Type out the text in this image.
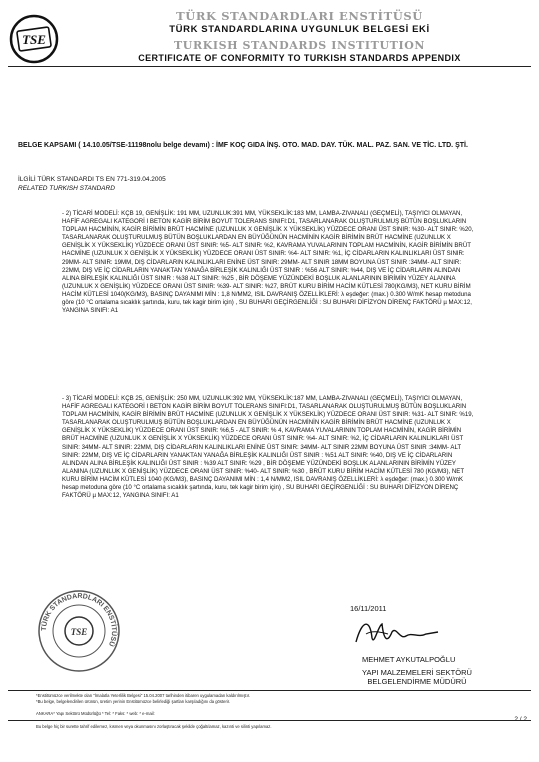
TSE
TÜRK STANDARDLARI ENSTİTÜSÜ
TÜRK STANDARDLARINA UYGUNLUK BELGESİ EKİ
TURKISH STANDARDS INSTITUTION
CERTIFICATE OF CONFORMITY TO TURKISH STANDARDS APPENDIX
BELGE KAPSAMI ( 14.10.05/TSE-11198nolu belge devamı) : İMF KOÇ GIDA İNŞ. OTO. MAD. DAY. TÜK. MAL. PAZ. SAN. VE TİC. LTD. ŞTİ.
İLGİLİ TÜRK STANDARDI TS EN 771-319.04.2005
RELATED TURKISH STANDARD
- 2) TİCARİ MODELİ: KÇB 19, GENİŞLİK: 191 MM, UZUNLUK:391 MM, YÜKSEKLİK:183 MM, LAMBA-ZIVANALI (GEÇMELİ), TAŞIYICI OLMAYAN, HAFİF AGREGALI KATEGORİ I BETON KAGİR BİRİM BOYUT TOLERANS SINIFI:D1, TASARLANARAK OLUŞTURULMUŞ BÜTÜN BOŞLUKLARIN TOPLAM HACMİNİN, KAGİR BİRİMİN BRÜT HACMİNE (UZUNLUK X GENİŞLİK X YÜKSEKLİK) YÜZDECE ORANI ÜST SINIR: %30- ALT SINIR: %20, TASARLANARAK OLUŞTURULMUŞ BÜTÜN BOŞLUKLARDAN EN BÜYÜĞÜNÜN HACMİNİN KAGİR BİRİMİN BRÜT HACMİNE (UZUNLUK X GENİŞLİK X YÜKSEKLİK) YÜZDECE ORANI ÜST SINIR: %5- ALT SINIR: %2, KAVRAMA YUVALARININ TOPLAM HACMİNİN, KAGİR BİRİMİN BRÜT HACMİNE (UZUNLUK X GENİŞLİK X YÜKSEKLİK) YÜZDECE ORANI ÜST SINIR: %4- ALT SINIR: %1, İÇ CİDARLARIN KALINLIKLARI ÜST SINIR: 29MM- ALT SINIR: 19MM, DIŞ CİDARLARIN KALINLIKLARI ENİNE ÜST SINIR: 29MM- ALT SINIR 18MM BOYUNA ÜST SINIR :34MM- ALT SINIR: 22MM, DIŞ VE İÇ CİDARLARIN YANAKTAN YANAĞA BİRLEŞİK KALINLIĞI ÜST SINIR : %56 ALT SINIR: %44, DIŞ VE İÇ CİDARLARIN ALINDAN ALINA BİRLEŞİK KALINLIĞI ÜST SINIR : %38 ALT SINIR: %25 , BİR DÖŞEME YÜZÜNDEKİ BOŞLUK ALANLARININ BİRİMİN YÜZEY ALANINA (UZUNLUK X GENİŞLİK) YÜZDECE ORANI ÜST SINIR: %39- ALT SINIR: %27, BRÜT KURU BİRİM HACİM KÜTLESİ 780(KG/M3), NET KURU BİRİM HACİM KÜTLESİ 1040(KG/M3), BASINÇ DAYANIMI MİN : 1,8 N/MM2, ISIL DAVRANIŞ ÖZELLİKLERİ: λ eşdeğer: (max.) 0.300 W/mK hesap metoduna göre (10 °C ortalama sıcaklık şartında, kuru, tek kagir birim için) , SU BUHARI GEÇİRGENLİĞİ : SU BUHARI DİFİZYON DİRENÇ FAKTÖRÜ µ MAX:12, YANGINA SINIFI: A1
- 3) TİCARİ MODELİ: KÇB 25, GENİŞLİK: 250 MM, UZUNLUK:392 MM, YÜKSEKLİK:187 MM, LAMBA-ZIVANALI (GEÇMELİ), TAŞIYICI OLMAYAN, HAFİF AGREGALI KATEGORİ I BETON KAGİR BİRİM BOYUT TOLERANS SINIFI:D1, TASARLANARAK OLUŞTURULMUŞ BÜTÜN BOŞLUKLARIN TOPLAM HACMİNİN, KAGİR BİRİMİN BRÜT HACMİNE (UZUNLUK X GENİŞLİK X YÜKSEKLİK) YÜZDECE ORANI ÜST SINIR: %31- ALT SINIR: %19, TASARLANARAK OLUŞTURULMUŞ BÜTÜN BOŞLUKLARDAN EN BÜYÜĞÜNÜN HACMİNİN KAGİR BİRİMİN BRÜT HACMİNE (UZUNLUK X GENİŞLİK X YÜKSEKLİK) YÜZDECE ORANI ÜST SINIR: %6,5 - ALT SINIR: % 4, KAVRAMA YUVALARININ TOPLAM HACMİNİN, KAGİR BİRİMİN BRÜT HACMİNE (UZUNLUK X GENİŞLİK X YÜKSEKLİK) YÜZDECE ORANI ÜST SINIR: %4- ALT SINIR: %2, İÇ CİDARLARIN KALINLIKLARI ÜST SINIR: 34MM- ALT SINIR: 22MM, DIŞ CİDARLARIN KALINLIKLARI ENİNE ÜST SINIR: 34MM- ALT SINIR 22MM BOYUNA ÜST SINIR :34MM- ALT SINIR: 22MM, DIŞ VE İÇ CİDARLARIN YANAKTAN YANAĞA BİRLEŞİK KALINLIĞI ÜST SINIR : %51 ALT SINIR: %40, DIŞ VE İÇ CİDARLARIN ALINDAN ALINA BİRLEŞİK KALINLIĞI ÜST SINIR : %39 ALT SINIR: %29 , BİR DÖŞEME YÜZÜNDEKİ BOŞLUK ALANLARININ BİRİMİN YÜZEY ALANINA (UZUNLUK X GENİŞLİK) YÜZDECE ORANI ÜST SINIR: %40- ALT SINIR: %30 , BRÜT KURU BİRİM HACİM KÜTLESİ 780 (KG/M3), NET KURU BİRİM HACİM KÜTLESİ 1040 (KG/M3), BASINÇ DAYANIMI MİN : 1,4 N/MM2, ISIL DAVRANIŞ ÖZELLİKLERİ: λ eşdeğer: (max.) 0.300 W/mK hesap metoduna göre (10 °C ortalama sıcaklık şartında, kuru, tek kagir birim için) , SU BUHARI GEÇİRGENLİĞİ : SU BUHARI DİFİZYON DİRENÇ FAKTÖRÜ µ MAX:12, YANGINA SINIFI: A1
TÜRK STANDARDLARI ENSTİTÜSÜ
TSE
16/11/2011
MEHMET AYKUTALPOĞLU
YAPI MALZEMELERİ SEKTÖRÜ
BELGELENDİRME MÜDÜRÜ
*Enstitümüzce verilmekte olan "İmalatla Yeterlilik Belgesi" 15.04.2007 tarihinden itibaren uygulamadan kaldırılmıştır.
*Bu belge, belgelendirilen ürünün, üretim yerinin Enstitümüzce belirlediği şartları karşıladığını da gösterir.
ANKARA* Yapı Sektörü Müdürlüğü * Tel: * Faks: * web: * e-mail:
2 / 2
Bu belge hiç bir surette tahrif edilemez, kısmen veya okunmasını zorlaştıracak şekilde çoğaltılamaz, kazınti ve silinti yapılamaz.
